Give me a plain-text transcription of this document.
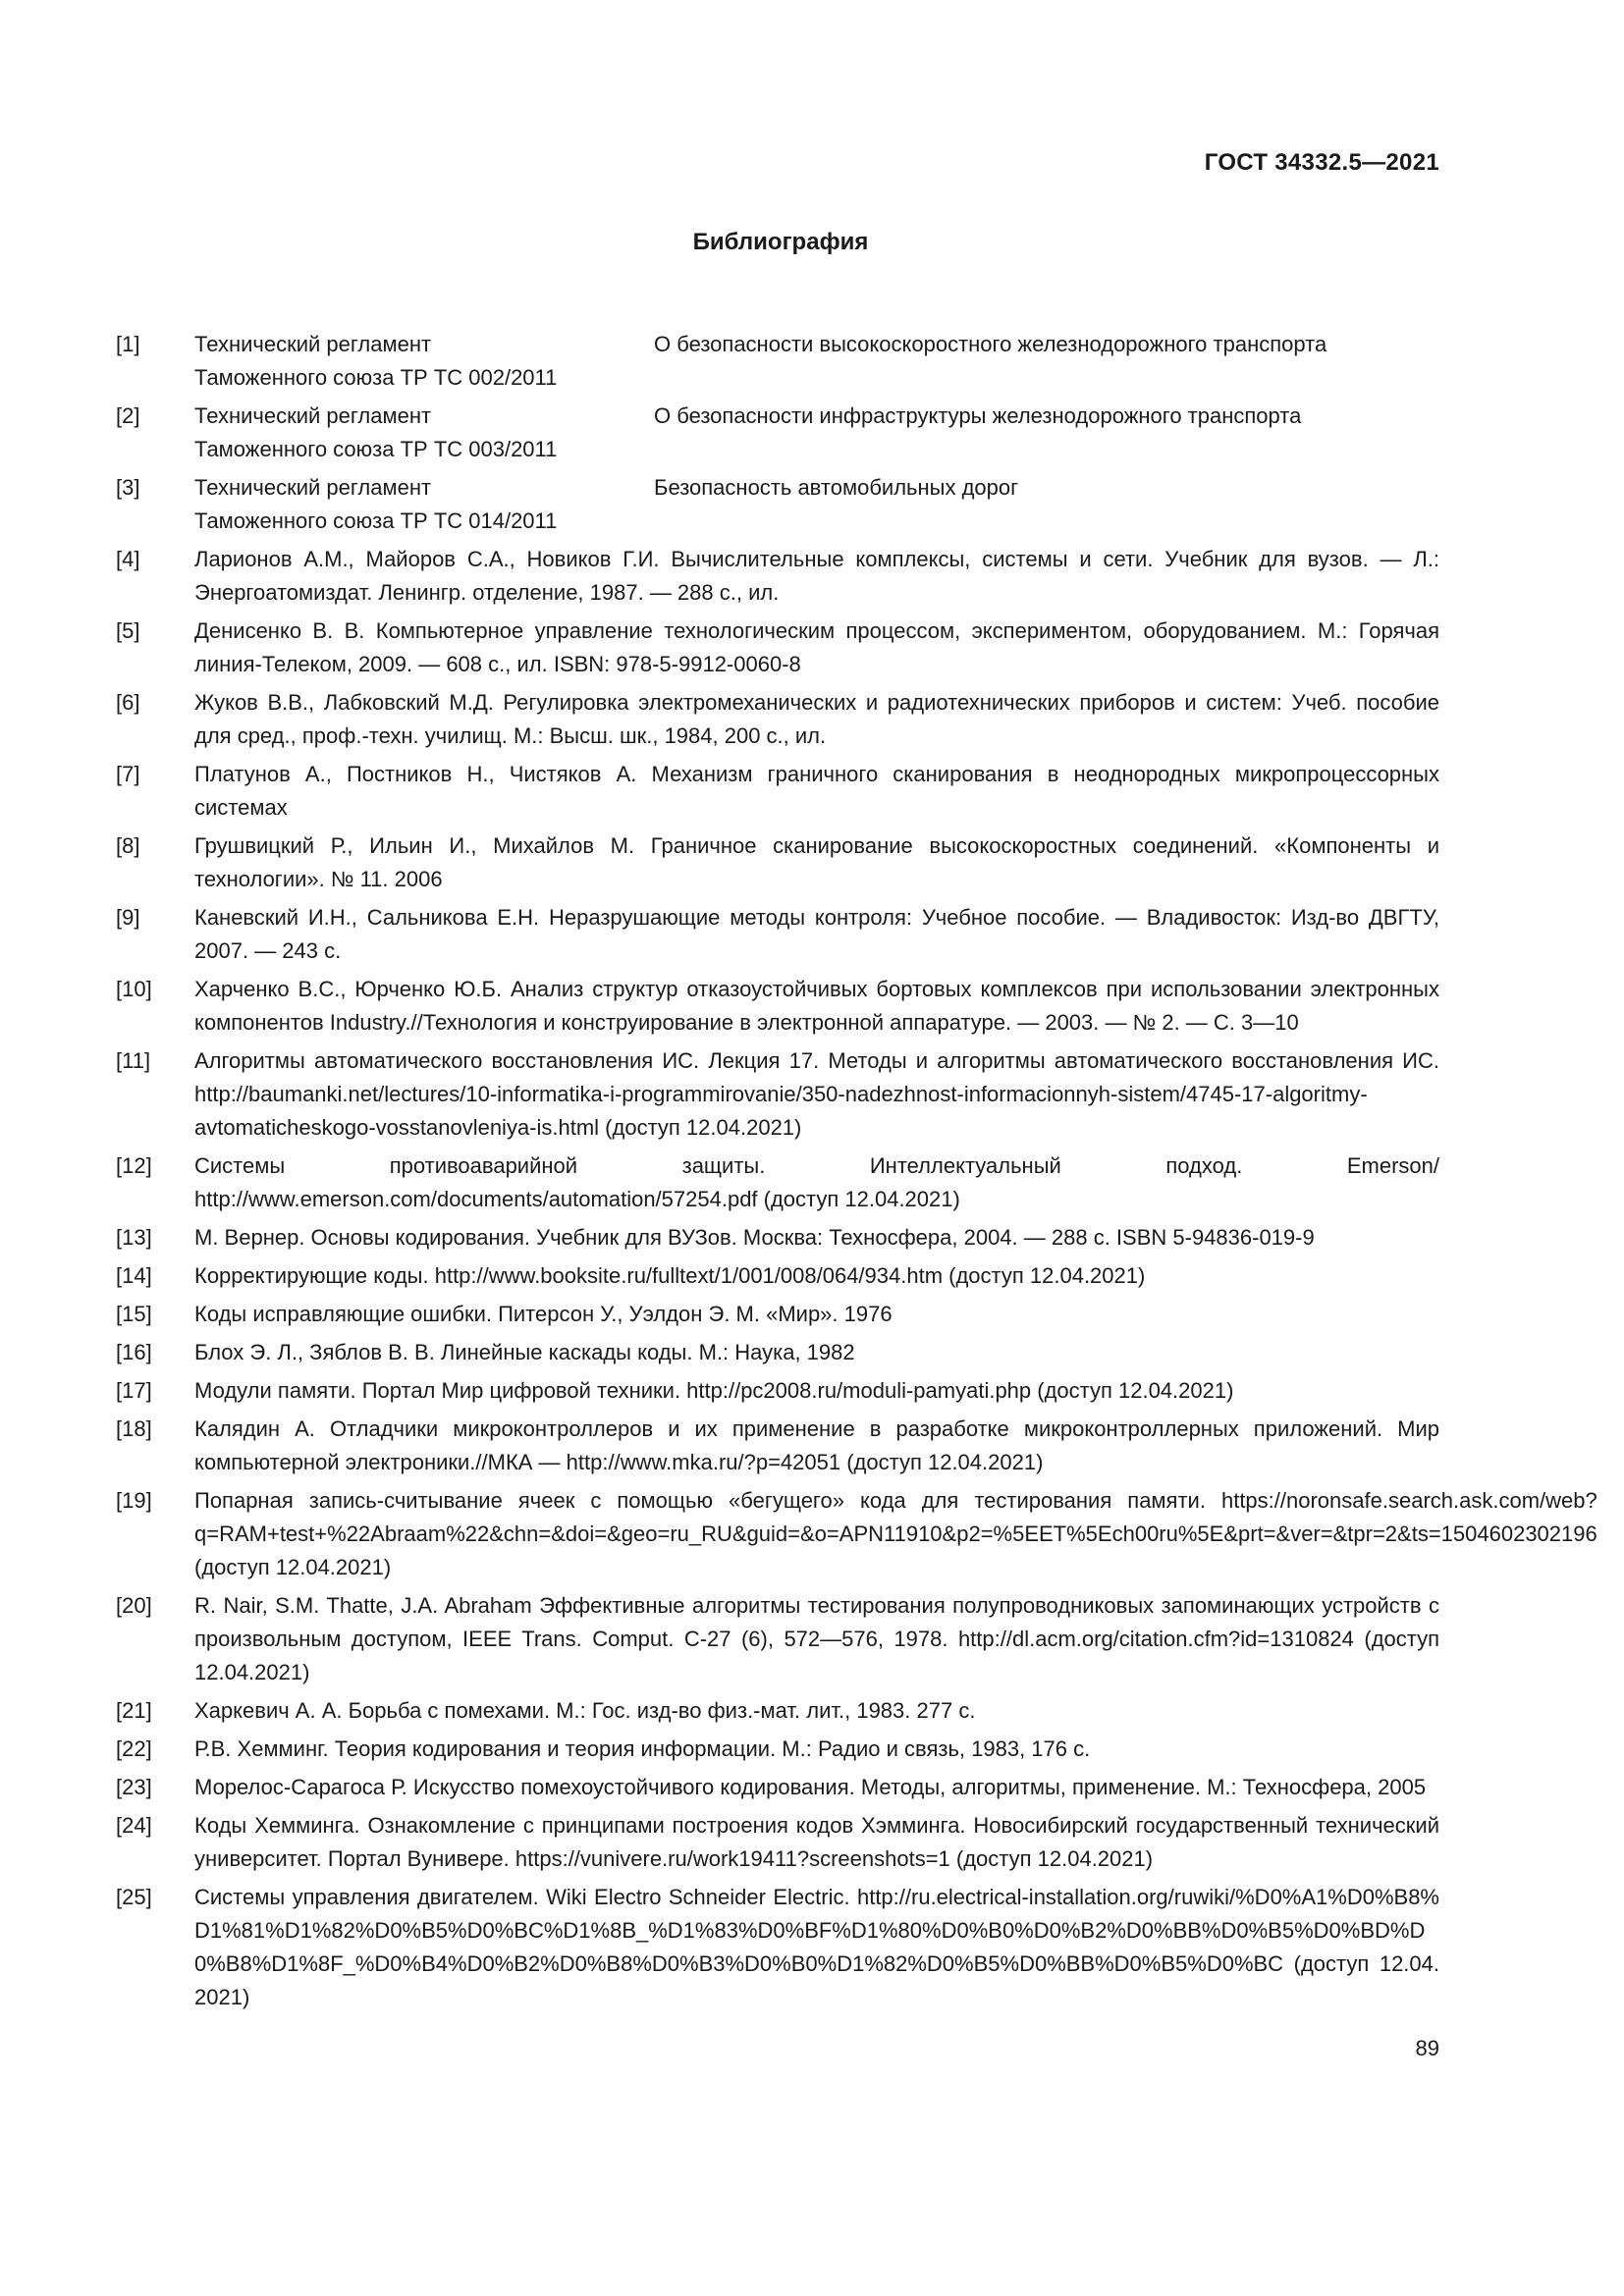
ГОСТ 34332.5—2021
Библиография
[1]	Технический регламент
Таможенного союза ТР ТС 002/2011
О безопасности высокоскоростного железнодорожного транспорта
[2]	Технический регламент
Таможенного союза ТР ТС 003/2011
О безопасности инфраструктуры железнодорожного транспорта
[3]	Технический регламент
Таможенного союза ТР ТС 014/2011
Безопасность автомобильных дорог
[4]	Ларионов А.М., Майоров С.А., Новиков Г.И. Вычислительные комплексы, системы и сети. Учебник для вузов. — Л.: Энергоатомиздат. Ленингр. отделение, 1987. — 288 с., ил.
[5]	Денисенко В. В. Компьютерное управление технологическим процессом, экспериментом, оборудованием. М.: Горячая линия-Телеком, 2009. — 608 с., ил. ISBN: 978-5-9912-0060-8
[6]	Жуков В.В., Лабковский М.Д. Регулировка электромеханических и радиотехнических приборов и систем: Учеб. пособие для сред., проф.-техн. училищ. М.: Высш. шк., 1984, 200 с., ил.
[7]	Платунов А., Постников Н., Чистяков А. Механизм граничного сканирования в неоднородных микропроцессорных системах
[8]	Грушвицкий Р., Ильин И., Михайлов М. Граничное сканирование высокоскоростных соединений. «Компоненты и технологии». № 11. 2006
[9]	Каневский И.Н., Сальникова Е.Н. Неразрушающие методы контроля: Учебное пособие. — Владивосток: Изд-во ДВГТУ, 2007. — 243 с.
[10]	Харченко В.С., Юрченко Ю.Б. Анализ структур отказоустойчивых бортовых комплексов при использовании электронных компонентов Industry.//Технология и конструирование в электронной аппаратуре. — 2003. — № 2. — С. 3—10
[11]	Алгоритмы автоматического восстановления ИС. Лекция 17. Методы и алгоритмы автоматического восстановления ИС. http://baumanki.net/lectures/10-informatika-i-programmirovanie/350-nadezhnost-informacionnyh-sistem/4745-17-algoritmy-avtomaticheskogo-vosstanovleniya-is.html (доступ 12.04.2021)
[12]	Системы противоаварийной защиты. Интеллектуальный подход. Emerson/ http://www.emerson.com/documents/automation/57254.pdf (доступ 12.04.2021)
[13]	М. Вернер. Основы кодирования. Учебник для ВУЗов. Москва: Техносфера, 2004. — 288 с. ISBN 5-94836-019-9
[14]	Корректирующие коды. http://www.booksite.ru/fulltext/1/001/008/064/934.htm (доступ 12.04.2021)
[15]	Коды исправляющие ошибки. Питерсон У., Уэлдон Э. М. «Мир». 1976
[16]	Блох Э. Л., Зяблов В. В. Линейные каскады коды. М.: Наука, 1982
[17]	Модули памяти. Портал Мир цифровой техники. http://pc2008.ru/moduli-pamyati.php (доступ 12.04.2021)
[18]	Калядин А. Отладчики микроконтроллеров и их применение в разработке микроконтроллерных приложений. Мир компьютерной электроники.//МКА — http://www.mka.ru/?p=42051 (доступ 12.04.2021)
[19]	Попарная запись-считывание ячеек с помощью «бегущего» кода для тестирования памяти. https://noronsafe.search.ask.com/web?q=RAM+test+%22Abraam%22&chn=&doi=&geo=ru_RU&guid=&o=APN11910&p2=%5EET%5Ech00ru%5E&prt=&ver=&tpr=2&ts=1504602302196 (доступ 12.04.2021)
[20]	R. Nair, S.M. Thatte, J.A. Abraham Эффективные алгоритмы тестирования полупроводниковых запоминающих устройств с произвольным доступом, IEEE Trans. Comput. C-27 (6), 572—576, 1978. http://dl.acm.org/citation.cfm?id=1310824 (доступ 12.04.2021)
[21]	Харкевич А. А. Борьба с помехами. М.: Гос. изд-во физ.-мат. лит., 1983. 277 с.
[22]	Р.В. Хемминг. Теория кодирования и теория информации. М.: Радио и связь, 1983, 176 с.
[23]	Морелос-Сарагоса Р. Искусство помехоустойчивого кодирования. Методы, алгоритмы, применение. М.: Техносфера, 2005
[24]	Коды Хемминга. Ознакомление с принципами построения кодов Хэмминга. Новосибирский государственный технический университет. Портал Вунивере. https://vunivere.ru/work19411?screenshots=1 (доступ 12.04.2021)
[25]	Системы управления двигателем. Wiki Electro Schneider Electric. http://ru.electrical-installation.org/ruwiki/%D0%A1%D0%B8%D1%81%D1%82%D0%B5%D0%BC%D1%8B_%D1%83%D0%BF%D1%80%D0%B0%D0%B2%D0%BB%D0%B5%D0%BD%D0%B8%D1%8F_%D0%B4%D0%B2%D0%B8%D0%B3%D0%B0%D1%82%D0%B5%D0%BB%D0%B5%D0%BC (доступ 12.04.2021)
89
